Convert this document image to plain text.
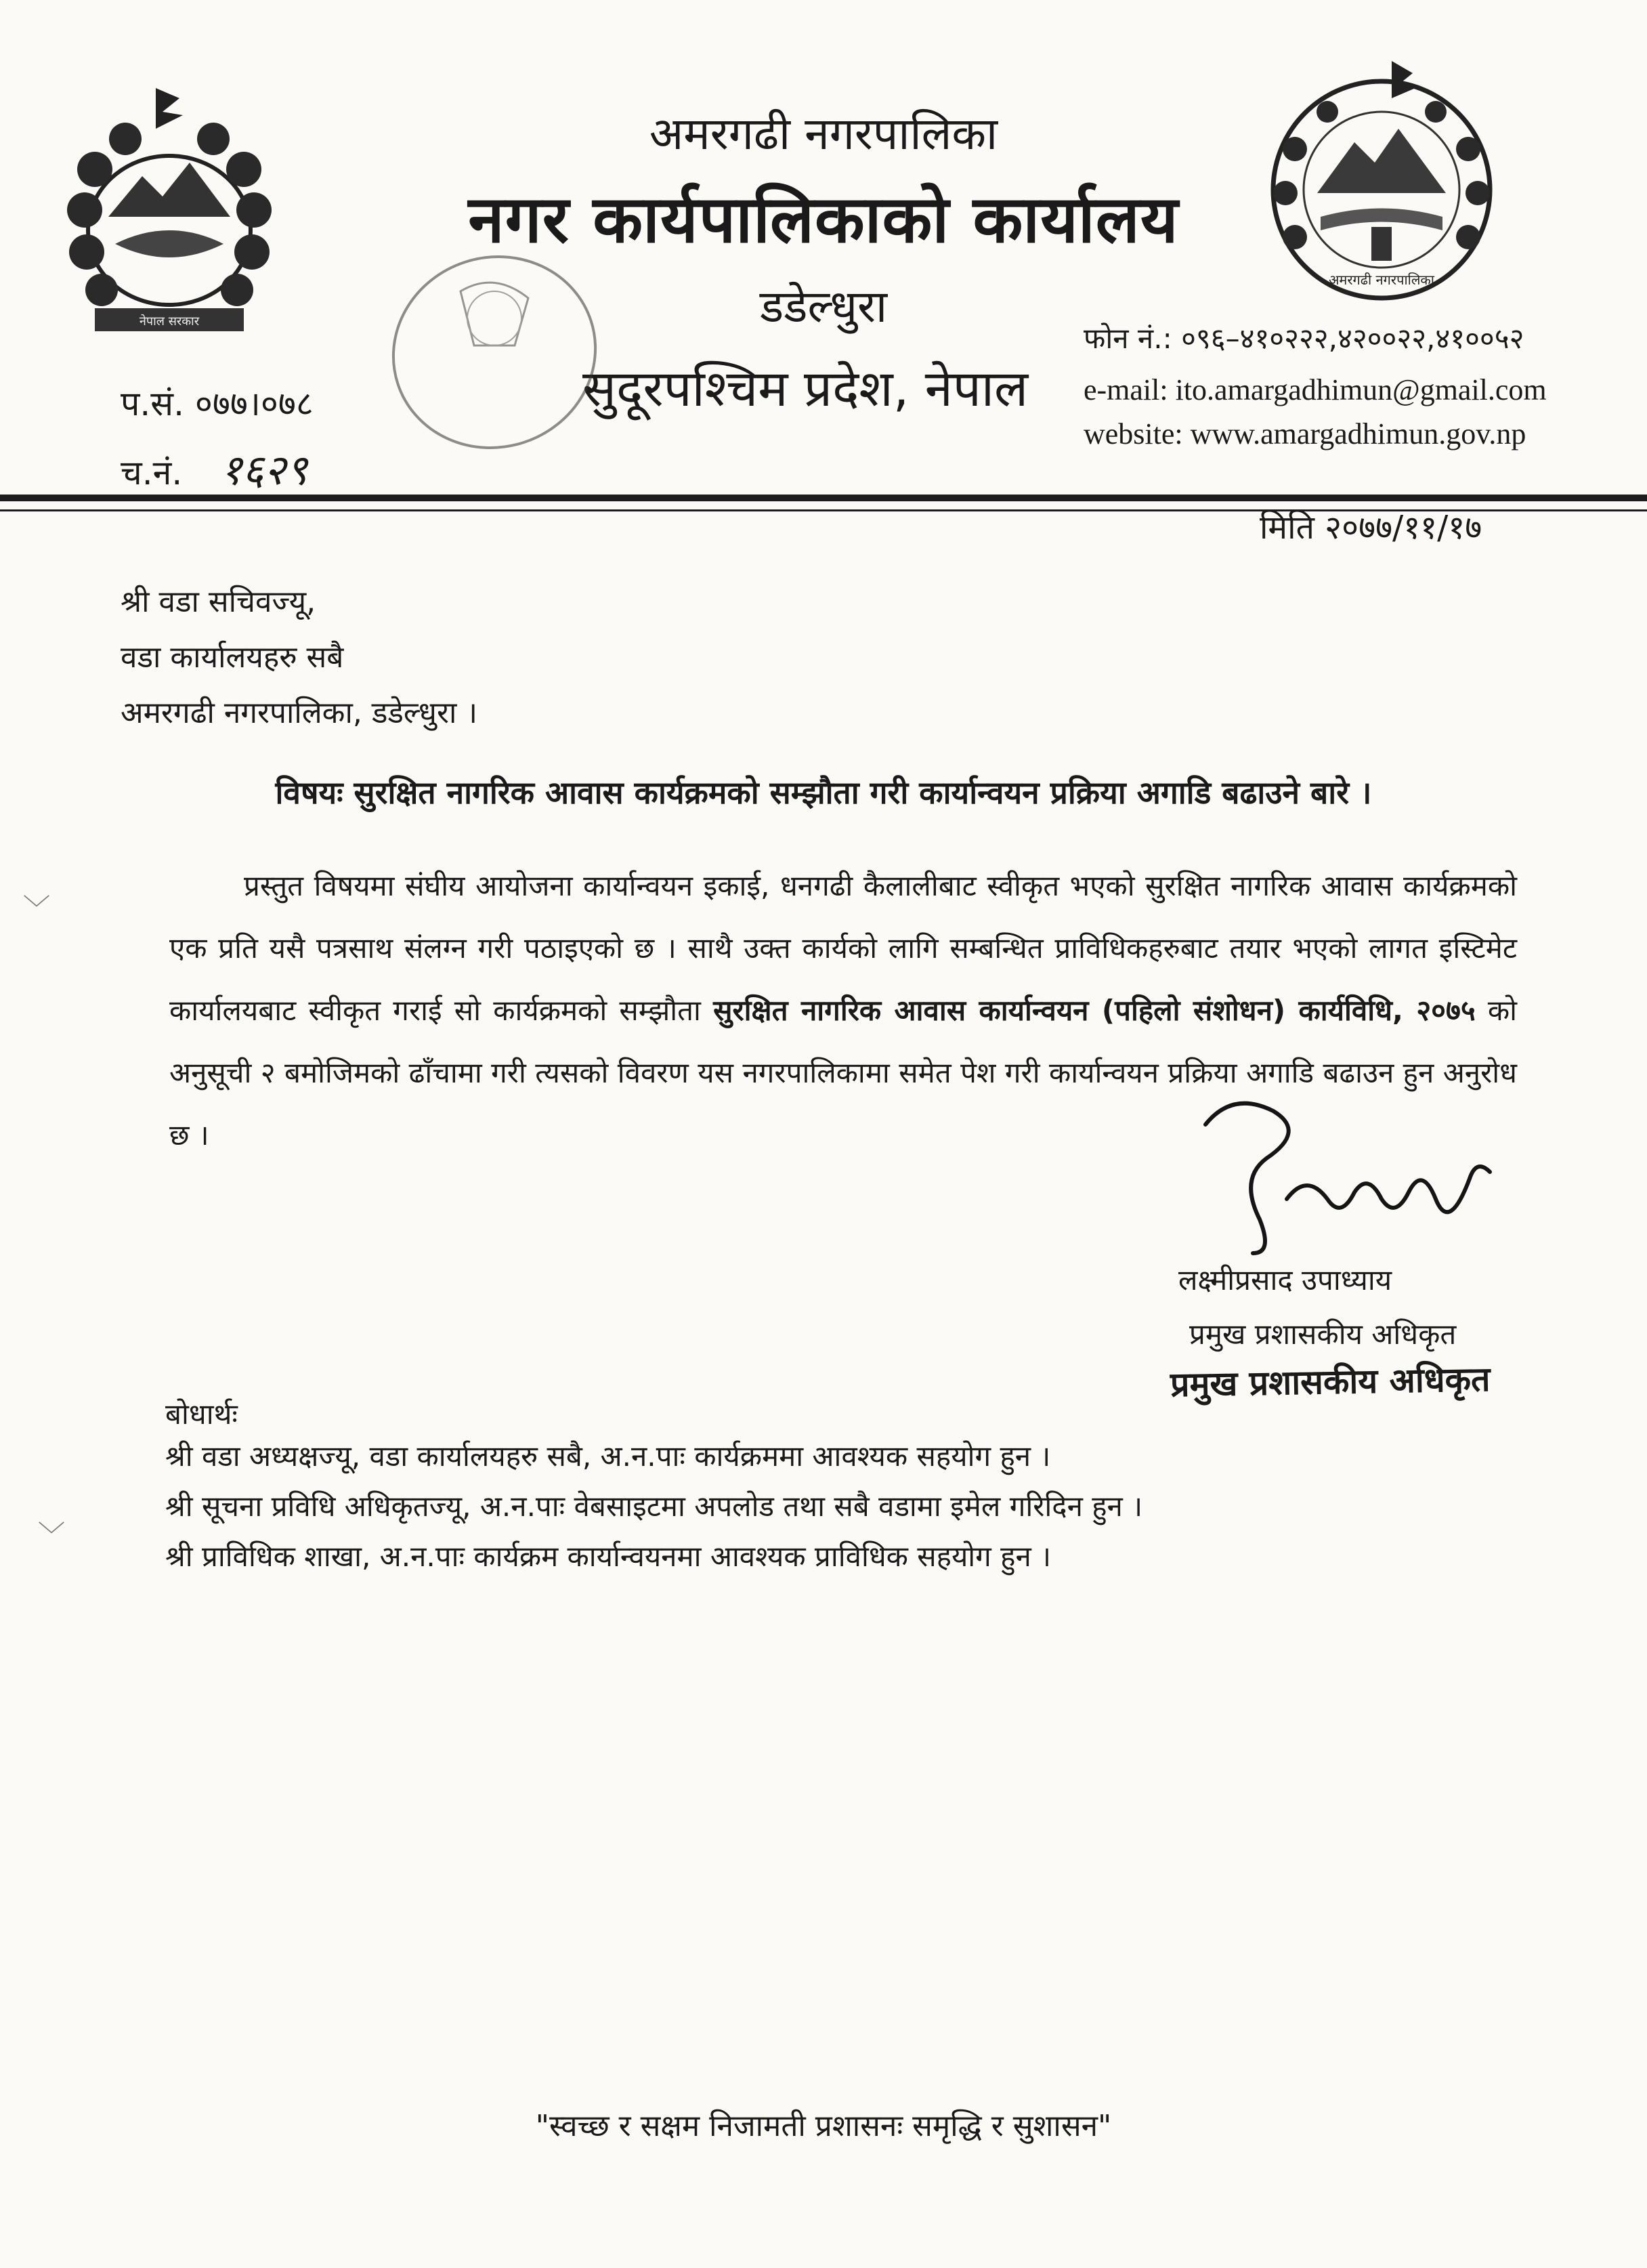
नेपाल सरकार
अमरगढी नगरपालिका
अमरगढी नगरपालिका
नगर कार्यपालिकाको कार्यालय
डडेल्धुरा
सुदूरपश्चिम प्रदेश, नेपाल
प.सं. ०७७।०७८
च.नं. १६२९
फोन नं.: ०९६–४१०२२२,४२००२२,४१००५२
e-mail: ito.amargadhimun@gmail.com
website: www.amargadhimun.gov.np
मिति २०७७/११/१७
श्री वडा सचिवज्यू,
वडा कार्यालयहरु सबै
अमरगढी नगरपालिका, डडेल्धुरा ।
विषयः सुरक्षित नागरिक आवास कार्यक्रमको सम्झौता गरी कार्यान्वयन प्रक्रिया अगाडि बढाउने बारे ।
प्रस्तुत विषयमा संघीय आयोजना कार्यान्वयन इकाई, धनगढी कैलालीबाट स्वीकृत भएको सुरक्षित नागरिक आवास कार्यक्रमको एक प्रति यसै पत्रसाथ संलग्न गरी पठाइएको छ । साथै उक्त कार्यको लागि सम्बन्धित प्राविधिकहरुबाट तयार भएको लागत इस्टिमेट कार्यालयबाट स्वीकृत गराई सो कार्यक्रमको सम्झौता सुरक्षित नागरिक आवास कार्यान्वयन (पहिलो संशोधन) कार्यविधि, २०७५ को अनुसूची २ बमोजिमको ढाँचामा गरी त्यसको विवरण यस नगरपालिकामा समेत पेश गरी कार्यान्वयन प्रक्रिया अगाडि बढाउन हुन अनुरोध छ ।
१८।९।७
लक्ष्मीप्रसाद उपाध्याय
प्रमुख प्रशासकीय अधिकृत
प्रमुख प्रशासकीय अधिकृत
बोधार्थः
श्री वडा अध्यक्षज्यू, वडा कार्यालयहरु सबै, अ.न.पाः कार्यक्रममा आवश्यक सहयोग हुन ।
श्री सूचना प्रविधि अधिकृतज्यू, अ.न.पाः वेबसाइटमा अपलोड तथा सबै वडामा इमेल गरिदिन हुन ।
श्री प्राविधिक शाखा, अ.न.पाः कार्यक्रम कार्यान्वयनमा आवश्यक प्राविधिक सहयोग हुन ।
﹀
﹀
"स्वच्छ र सक्षम निजामती प्रशासनः समृद्धि र सुशासन"
